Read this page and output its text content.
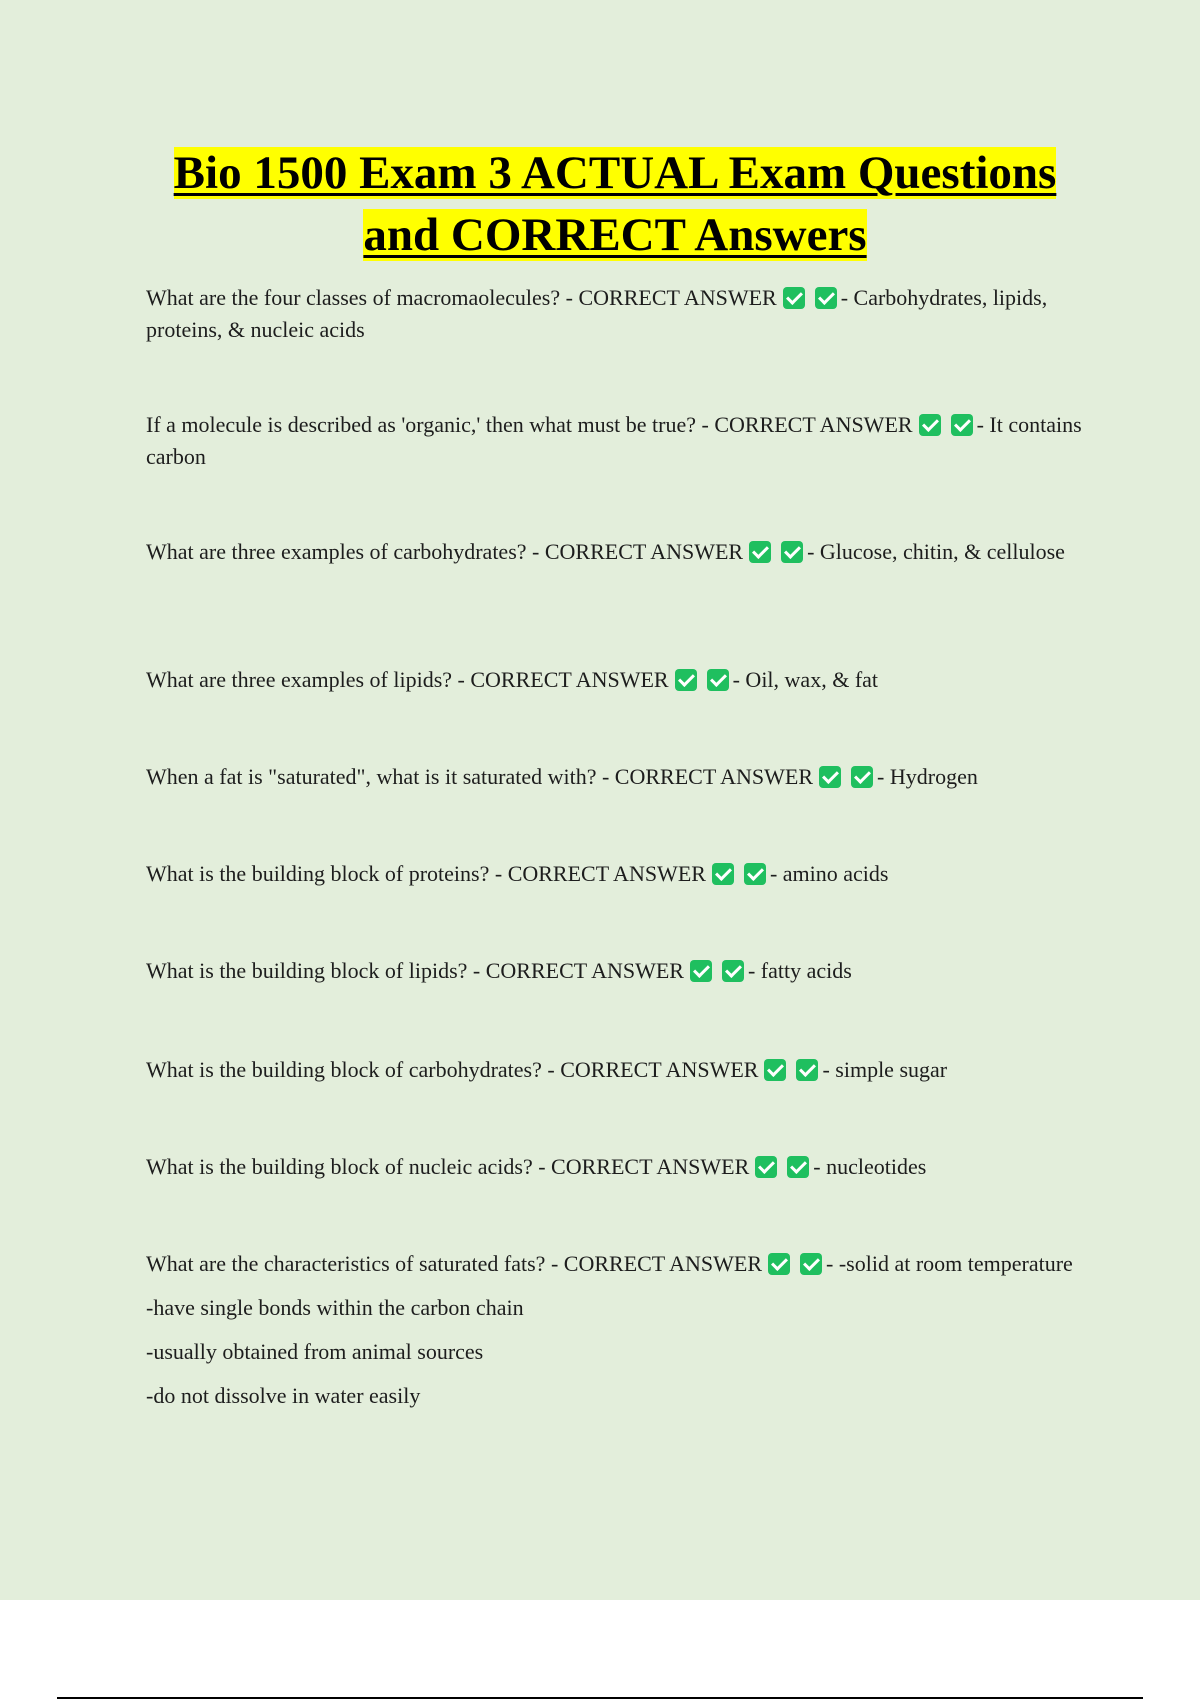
Bio 1500 Exam 3 ACTUAL Exam Questions
and CORRECT Answers
What are the four classes of macromaolecules? - CORRECT ANSWER	- Carbohydrates, lipids, proteins, & nucleic acids
If a molecule is described as 'organic,' then what must be true? - CORRECT ANSWER	- It contains carbon
What are three examples of carbohydrates? - CORRECT ANSWER	- Glucose, chitin, & cellulose
What are three examples of lipids? - CORRECT ANSWER	- Oil, wax, & fat
When a fat is "saturated", what is it saturated with? - CORRECT ANSWER	- Hydrogen
What is the building block of proteins? - CORRECT ANSWER	- amino acids
What is the building block of lipids? - CORRECT ANSWER	- fatty acids
What is the building block of carbohydrates? - CORRECT ANSWER	- simple sugar
What is the building block of nucleic acids? - CORRECT ANSWER	- nucleotides
What are the characteristics of saturated fats? - CORRECT ANSWER	- -solid at room temperature
-have single bonds within the carbon chain
-usually obtained from animal sources
-do not dissolve in water easily
